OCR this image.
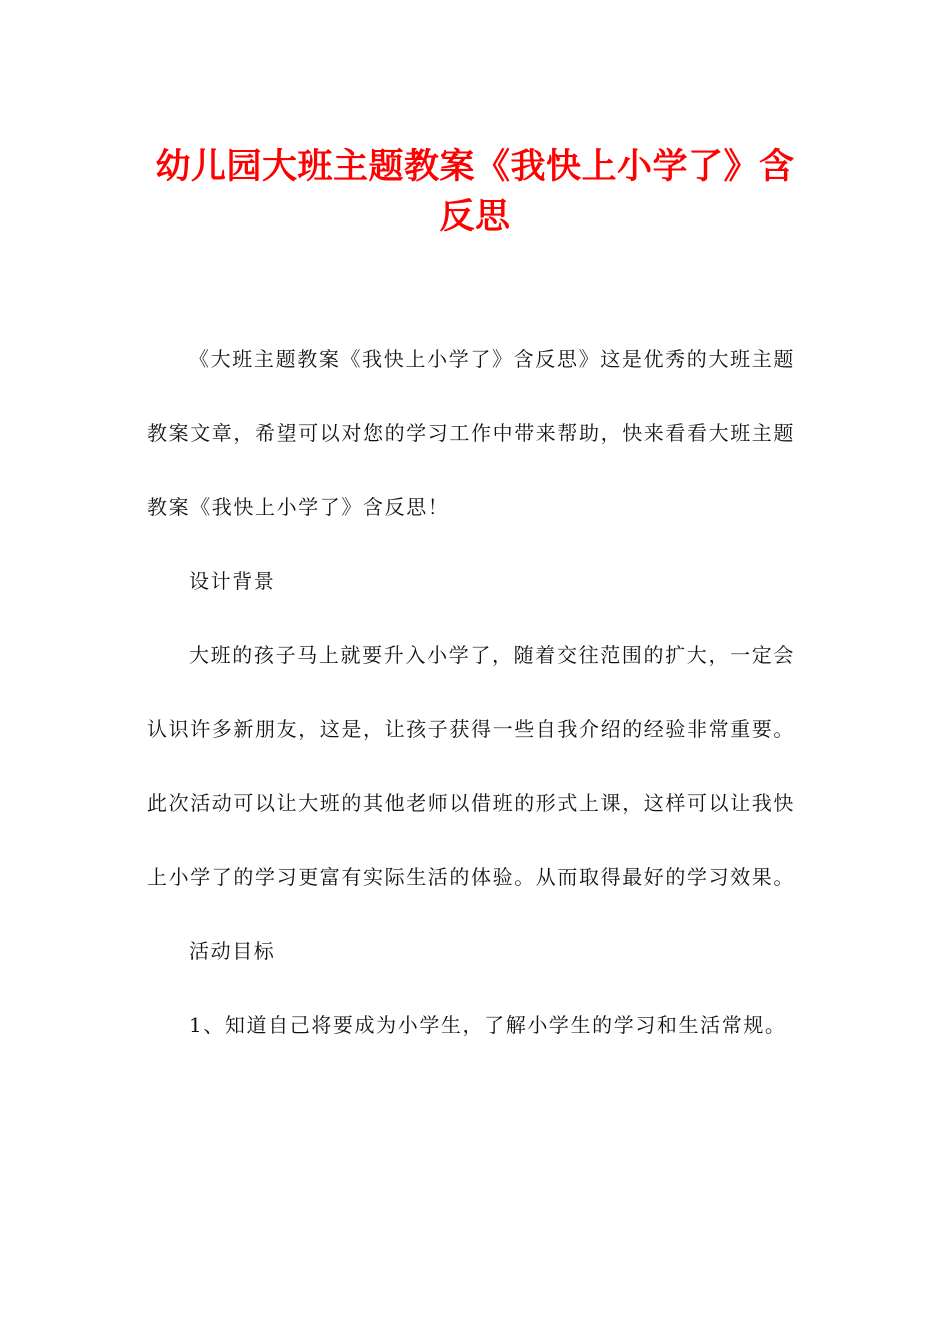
幼儿园大班主题教案《我快上小学了》含反思

《大班主题教案《我快上小学了》含反思》这是优秀的大班主题教案文章，希望可以对您的学习工作中带来帮助，快来看看大班主题教案《我快上小学了》含反思！

设计背景

大班的孩子马上就要升入小学了，随着交往范围的扩大，一定会认识许多新朋友，这是，让孩子获得一些自我介绍的经验非常重要。此次活动可以让大班的其他老师以借班的形式上课，这样可以让我快上小学了的学习更富有实际生活的体验。从而取得最好的学习效果。

活动目标

1、知道自己将要成为小学生，了解小学生的学习和生活常规。
